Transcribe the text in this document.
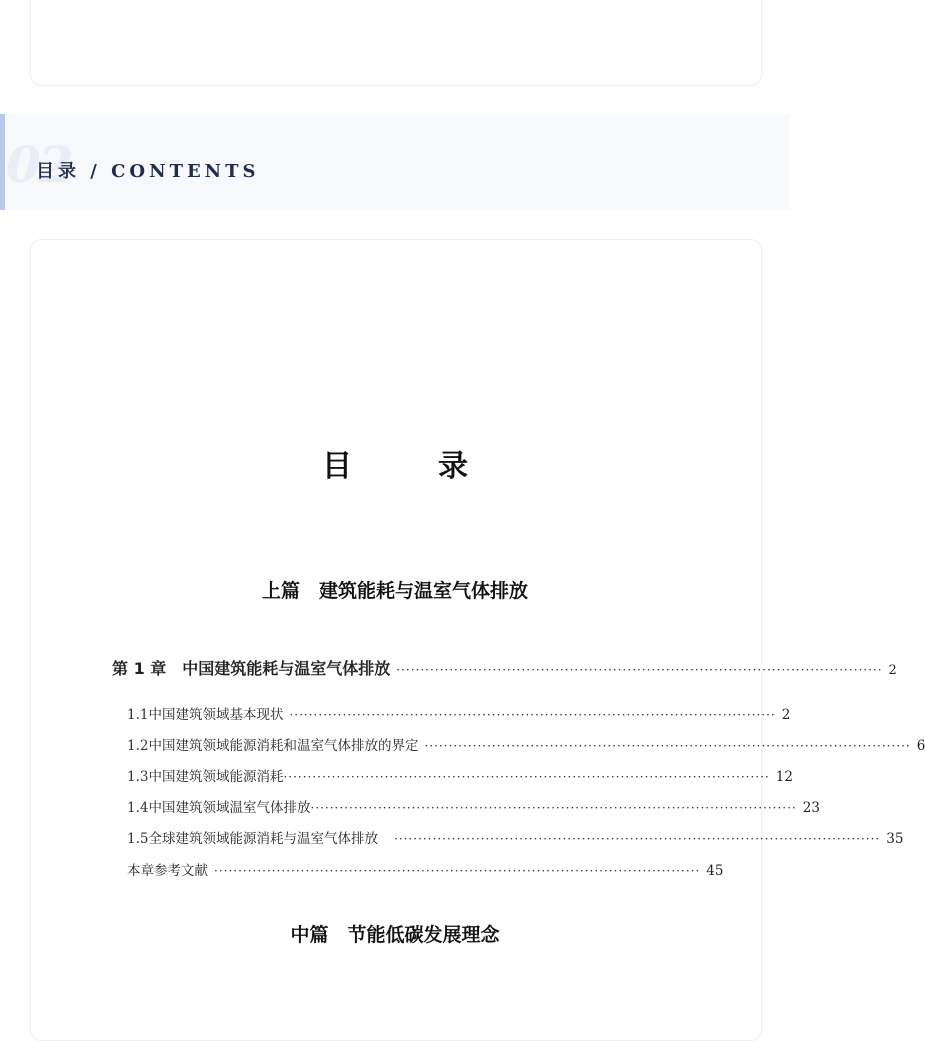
02
目录 / CONTENTS
目　录
上篇　建筑能耗与温室气体排放
第 1 章　中国建筑能耗与温室气体排放 ····································································································· 2
1.1 中国建筑领域基本现状 ····································································································· 2
1.2 中国建筑领域能源消耗和温室气体排放的界定 ····································································································· 6
1.3 中国建筑领域能源消耗 ····································································································· 12
1.4 中国建筑领域温室气体排放 ····································································································· 23
1.5 全球建筑领域能源消耗与温室气体排放 ····································································································· 35
本章参考文献 ····································································································· 45
中篇　节能低碳发展理念
